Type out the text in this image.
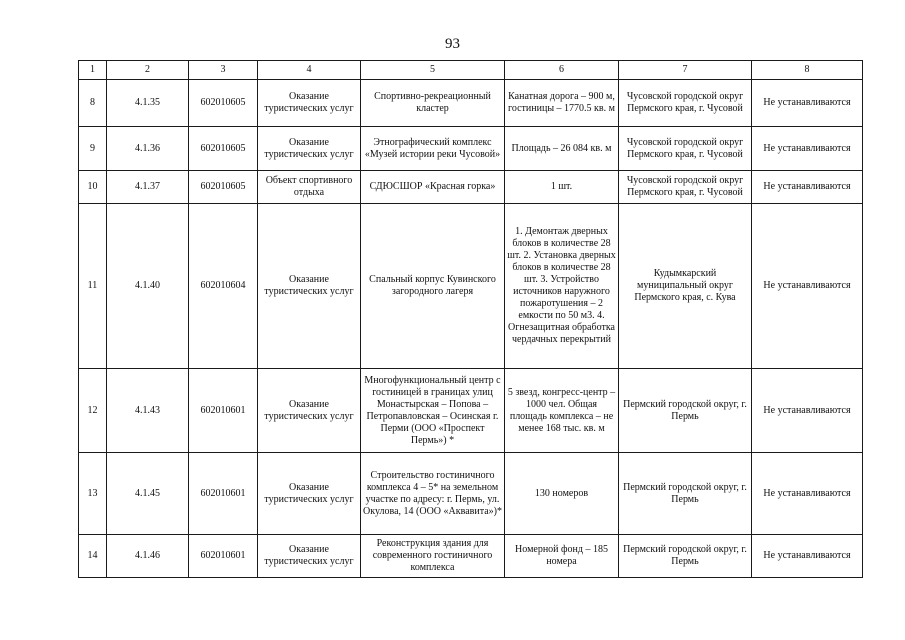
93
1	2	3	4	5	6	7	8
8	4.1.35	602010605	Оказание туристических услуг	Спортивно-рекреационный кластер	Канатная дорога – 900 м, гостиницы – 1770.5 кв. м	Чусовской городской округ Пермского края, г. Чусовой	Не устанавливаются
9	4.1.36	602010605	Оказание туристических услуг	Этнографический комплекс «Музей истории реки Чусовой»	Площадь – 26 084 кв. м	Чусовской городской округ Пермского края, г. Чусовой	Не устанавливаются
10	4.1.37	602010605	Объект спортивного отдыха	СДЮСШОР «Красная горка»	1 шт.	Чусовской городской округ Пермского края, г. Чусовой	Не устанавливаются
11	4.1.40	602010604	Оказание туристических услуг	Спальный корпус Кувинского загородного лагеря	1. Демонтаж дверных блоков в количестве 28 шт. 2. Установка дверных блоков в количестве 28 шт. 3. Устройство источников наружного пожаротушения – 2 емкости по 50 м3. 4. Огнезащитная обработка чердачных перекрытий	Кудымкарский муниципальный округ Пермского края, с. Кува	Не устанавливаются
12	4.1.43	602010601	Оказание туристических услуг	Многофункциональный центр с гостиницей в границах улиц Монастырская – Попова – Петропавловская – Осинская г. Перми (ООО «Проспект Пермь») *	5 звезд, конгресс-центр – 1000 чел. Общая площадь комплекса – не менее 168 тыс. кв. м	Пермский городской округ, г. Пермь	Не устанавливаются
13	4.1.45	602010601	Оказание туристических услуг	Строительство гостиничного комплекса 4 – 5* на земельном участке по адресу: г. Пермь, ул. Окулова, 14 (ООО «Аквавита»)*	130 номеров	Пермский городской округ, г. Пермь	Не устанавливаются
14	4.1.46	602010601	Оказание туристических услуг	Реконструкция здания для современного гостиничного комплекса	Номерной фонд – 185 номера	Пермский городской округ, г. Пермь	Не устанавливаются
